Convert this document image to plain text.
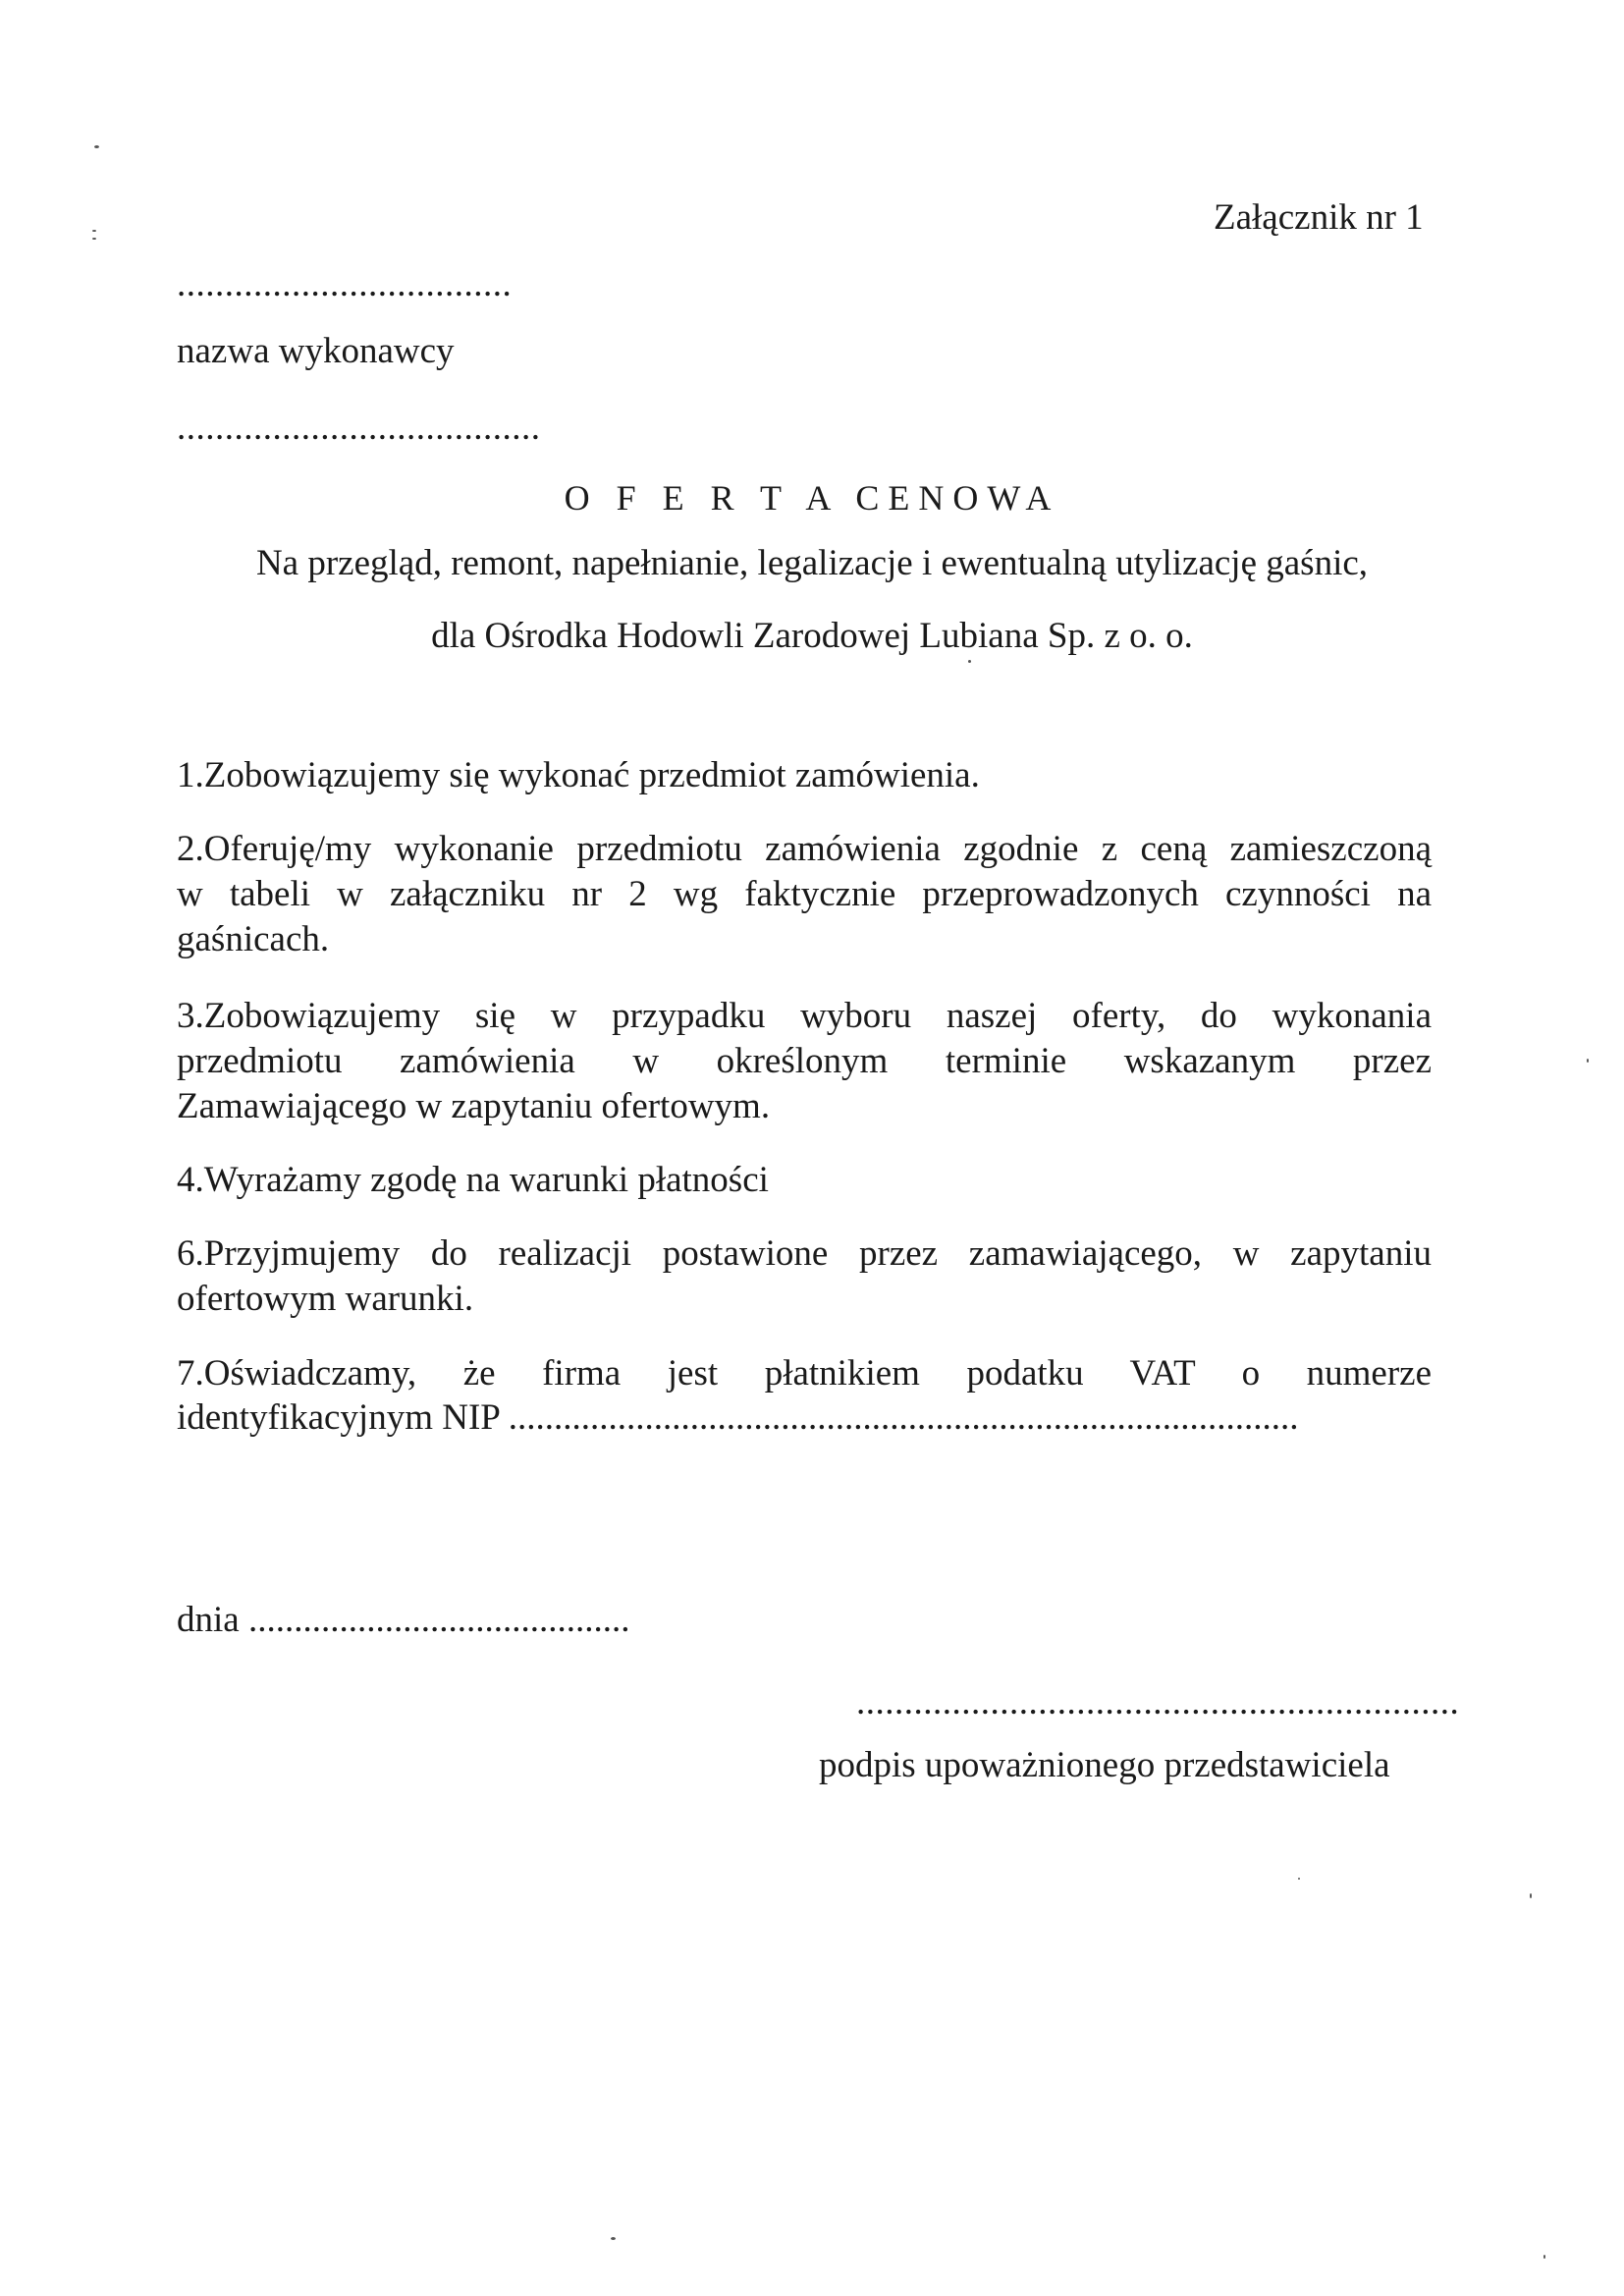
Załącznik nr 1
...................................
nazwa wykonawcy
......................................
O F E R T A CENOWA
Na przegląd, remont, napełnianie, legalizacje i ewentualną utylizację gaśnic,
dla Ośrodka Hodowli Zarodowej Lubiana Sp. z o. o.
1.Zobowiązujemy się wykonać przedmiot zamówienia.
2.Oferuję/my wykonanie przedmiotu zamówienia zgodnie z ceną zamieszczoną
w tabeli w załączniku nr 2 wg faktycznie przeprowadzonych czynności na
gaśnicach.
3.Zobowiązujemy się w przypadku wyboru naszej oferty, do wykonania
przedmiotu zamówienia w określonym terminie wskazanym przez
Zamawiającego w zapytaniu ofertowym.
4.Wyrażamy zgodę na warunki płatności
6.Przyjmujemy do realizacji postawione przez zamawiającego, w zapytaniu
ofertowym warunki.
7.Oświadczamy, że firma jest płatnikiem podatku VAT o numerze
identyfikacyjnym NIP .......................................................................................
dnia ..........................................
...............................................................
podpis upoważnionego przedstawiciela
